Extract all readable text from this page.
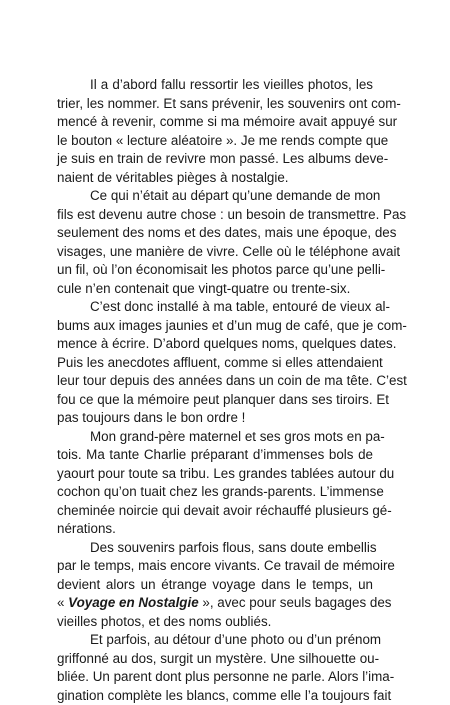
Il a d’abord fallu ressortir les vieilles photos, les
trier, les nommer. Et sans prévenir, les souvenirs ont com-
mencé à revenir, comme si ma mémoire avait appuyé sur
le bouton « lecture aléatoire ». Je me rends compte que
je suis en train de revivre mon passé. Les albums deve-
naient de véritables pièges à nostalgie.
Ce qui n’était au départ qu’une demande de mon
fils est devenu autre chose : un besoin de transmettre. Pas
seulement des noms et des dates, mais une époque, des
visages, une manière de vivre. Celle où le téléphone avait
un fil, où l’on économisait les photos parce qu’une pelli-
cule n’en contenait que vingt-quatre ou trente-six.
C’est donc installé à ma table, entouré de vieux al-
bums aux images jaunies et d’un mug de café, que je com-
mence à écrire. D’abord quelques noms, quelques dates.
Puis les anecdotes affluent, comme si elles attendaient
leur tour depuis des années dans un coin de ma tête. C’est
fou ce que la mémoire peut planquer dans ses tiroirs. Et
pas toujours dans le bon ordre !
Mon grand-père maternel et ses gros mots en pa-
tois. Ma tante Charlie préparant d’immenses bols de
yaourt pour toute sa tribu. Les grandes tablées autour du
cochon qu’on tuait chez les grands-parents. L’immense
cheminée noircie qui devait avoir réchauffé plusieurs gé-
nérations.
Des souvenirs parfois flous, sans doute embellis
par le temps, mais encore vivants. Ce travail de mémoire
devient alors un étrange voyage dans le temps, un
« Voyage en Nostalgie », avec pour seuls bagages des
vieilles photos, et des noms oubliés.
Et parfois, au détour d’une photo ou d’un prénom
griffonné au dos, surgit un mystère. Une silhouette ou-
bliée. Un parent dont plus personne ne parle. Alors l’ima-
gination complète les blancs, comme elle l’a toujours fait
